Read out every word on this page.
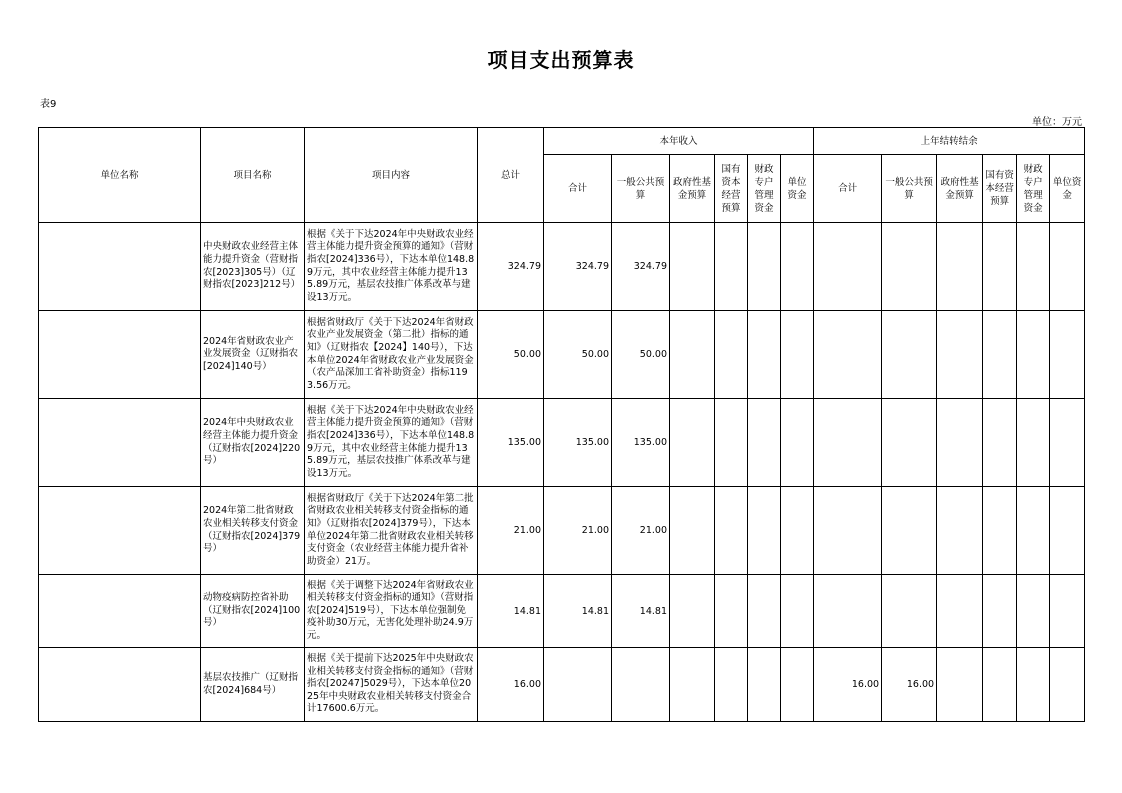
项目支出预算表
表9
单位：万元
单位名称	项目名称	项目内容	总计	本年收入						上年结转结余					
				合计	一般公共预算	政府性基金预算	国有资本经营预算	财政专户管理资金	单位资金	合计	一般公共预算	政府性基金预算	国有资本经营预算	财政专户管理资金	单位资金
	中央财政农业经营主体能力提升资金（营财指农[2023]305号）（辽财指农[2023]212号）	根据《关于下达2024年中央财政农业经营主体能力提升资金预算的通知》（营财指农[2024]336号），下达本单位148.89万元，其中农业经营主体能力提升135.89万元，基层农技推广体系改革与建设13万元。	324.79	324.79	324.79										
	2024年省财政农业产业发展资金（辽财指农[2024]140号）	根据省财政厅《关于下达2024年省财政农业产业发展资金（第二批）指标的通知》（辽财指农【2024】140号），下达本单位2024年省财政农业产业发展资金（农产品深加工省补助资金）指标1193.56万元。	50.00	50.00	50.00										
	2024年中央财政农业经营主体能力提升资金（辽财指农[2024]220号）	根据《关于下达2024年中央财政农业经营主体能力提升资金预算的通知》（营财指农[2024]336号），下达本单位148.89万元，其中农业经营主体能力提升135.89万元，基层农技推广体系改革与建设13万元。	135.00	135.00	135.00										
	2024年第二批省财政农业相关转移支付资金（辽财指农[2024]379号）	根据省财政厅《关于下达2024年第二批省财政农业相关转移支付资金指标的通知》（辽财指农[2024]379号），下达本单位2024年第二批省财政农业相关转移支付资金（农业经营主体能力提升省补助资金）21万。	21.00	21.00	21.00										
	动物疫病防控省补助（辽财指农[2024]100号）	根据《关于调整下达2024年省财政农业相关转移支付资金指标的通知》（营财指农[2024]519号），下达本单位强制免疫补助30万元，无害化处理补助24.9万元。	14.81	14.81	14.81										
	基层农技推广（辽财指农[2024]684号）	根据《关于提前下达2025年中央财政农业相关转移支付资金指标的通知》（营财指农[20247]5029号），下达本单位2025年中央财政农业相关转移支付资金合计17600.6万元。	16.00							16.00	16.00				
